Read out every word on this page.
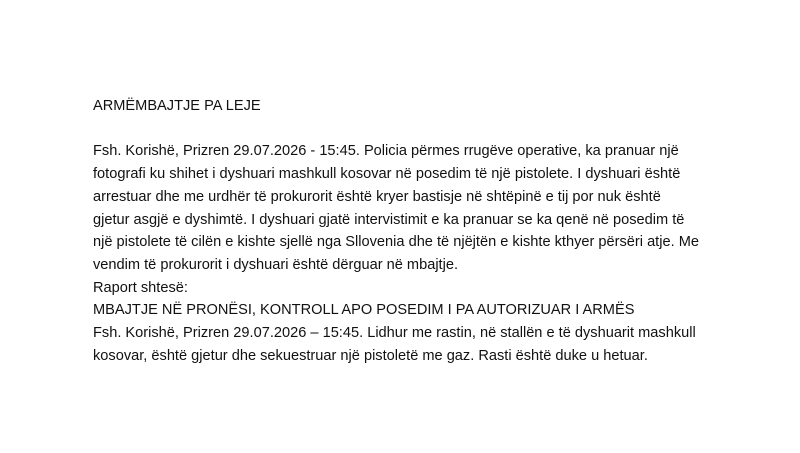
ARMËMBAJTJE PA LEJE

Fsh. Korishë, Prizren 29.07.2026 - 15:45. Policia përmes rrugëve operative, ka pranuar një

fotografi ku shihet i dyshuari mashkull kosovar në posedim të një pistolete. I dyshuari është

arrestuar dhe me urdhër të prokurorit është kryer bastisje në shtëpinë e tij por nuk është

gjetur asgjë e dyshimtë. I dyshuari gjatë intervistimit e ka pranuar se ka qenë në posedim të

një pistolete të cilën e kishte sjellë nga Sllovenia dhe të njëjtën e kishte kthyer përsëri atje. Me

vendim të prokurorit i dyshuari është dërguar në mbajtje.

Raport shtesë:

MBAJTJE NË PRONËSI, KONTROLL APO POSEDIM I PA AUTORIZUAR I ARMËS

Fsh. Korishë, Prizren 29.07.2026 – 15:45. Lidhur me rastin, në stallën e të dyshuarit mashkull

kosovar, është gjetur dhe sekuestruar një pistoletë me gaz. Rasti është duke u hetuar.
